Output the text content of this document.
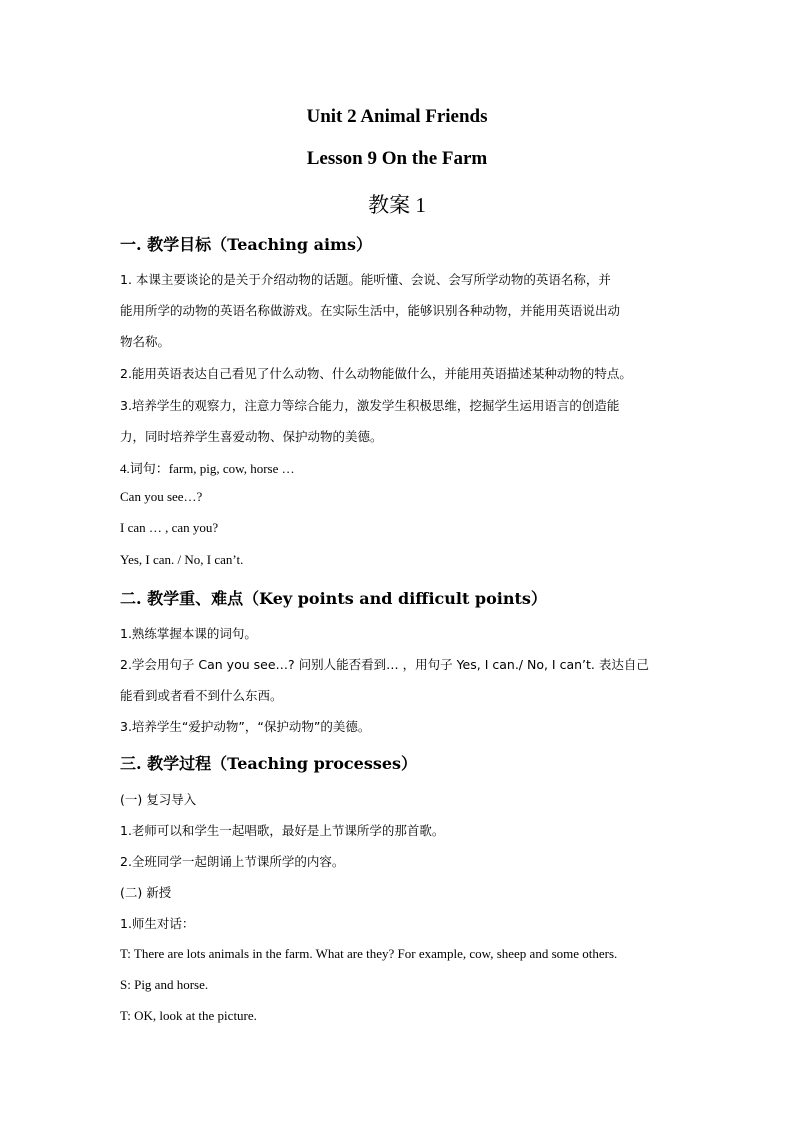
Unit 2 Animal Friends
Lesson 9 On the Farm
教案 1
一. 教学目标（Teaching aims）
1. 本课主要谈论的是关于介绍动物的话题。能听懂、会说、会写所学动物的英语名称，并
能用所学的动物的英语名称做游戏。在实际生活中，能够识别各种动物，并能用英语说出动
物名称。
2.能用英语表达自己看见了什么动物、什么动物能做什么，并能用英语描述某种动物的特点。
3.培养学生的观察力，注意力等综合能力，激发学生积极思维，挖掘学生运用语言的创造能
力，同时培养学生喜爱动物、保护动物的美德。
4.词句：farm, pig, cow, horse …
Can you see…?
I can … , can you?
Yes, I can. / No, I can’t.
二. 教学重、难点（Key points and difficult points）
1.熟练掌握本课的词句。
2.学会用句子 Can you see…? 问别人能否看到… ，用句子 Yes, I can./ No, I can’t. 表达自己
能看到或者看不到什么东西。
3.培养学生“爱护动物”，“保护动物”的美德。
三. 教学过程（Teaching processes）
(一) 复习导入
1.老师可以和学生一起唱歌，最好是上节课所学的那首歌。
2.全班同学一起朗诵上节课所学的内容。
(二) 新授
1.师生对话：
T: There are lots animals in the farm. What are they? For example, cow, sheep and some others.
S: Pig and horse.
T: OK, look at the picture.
